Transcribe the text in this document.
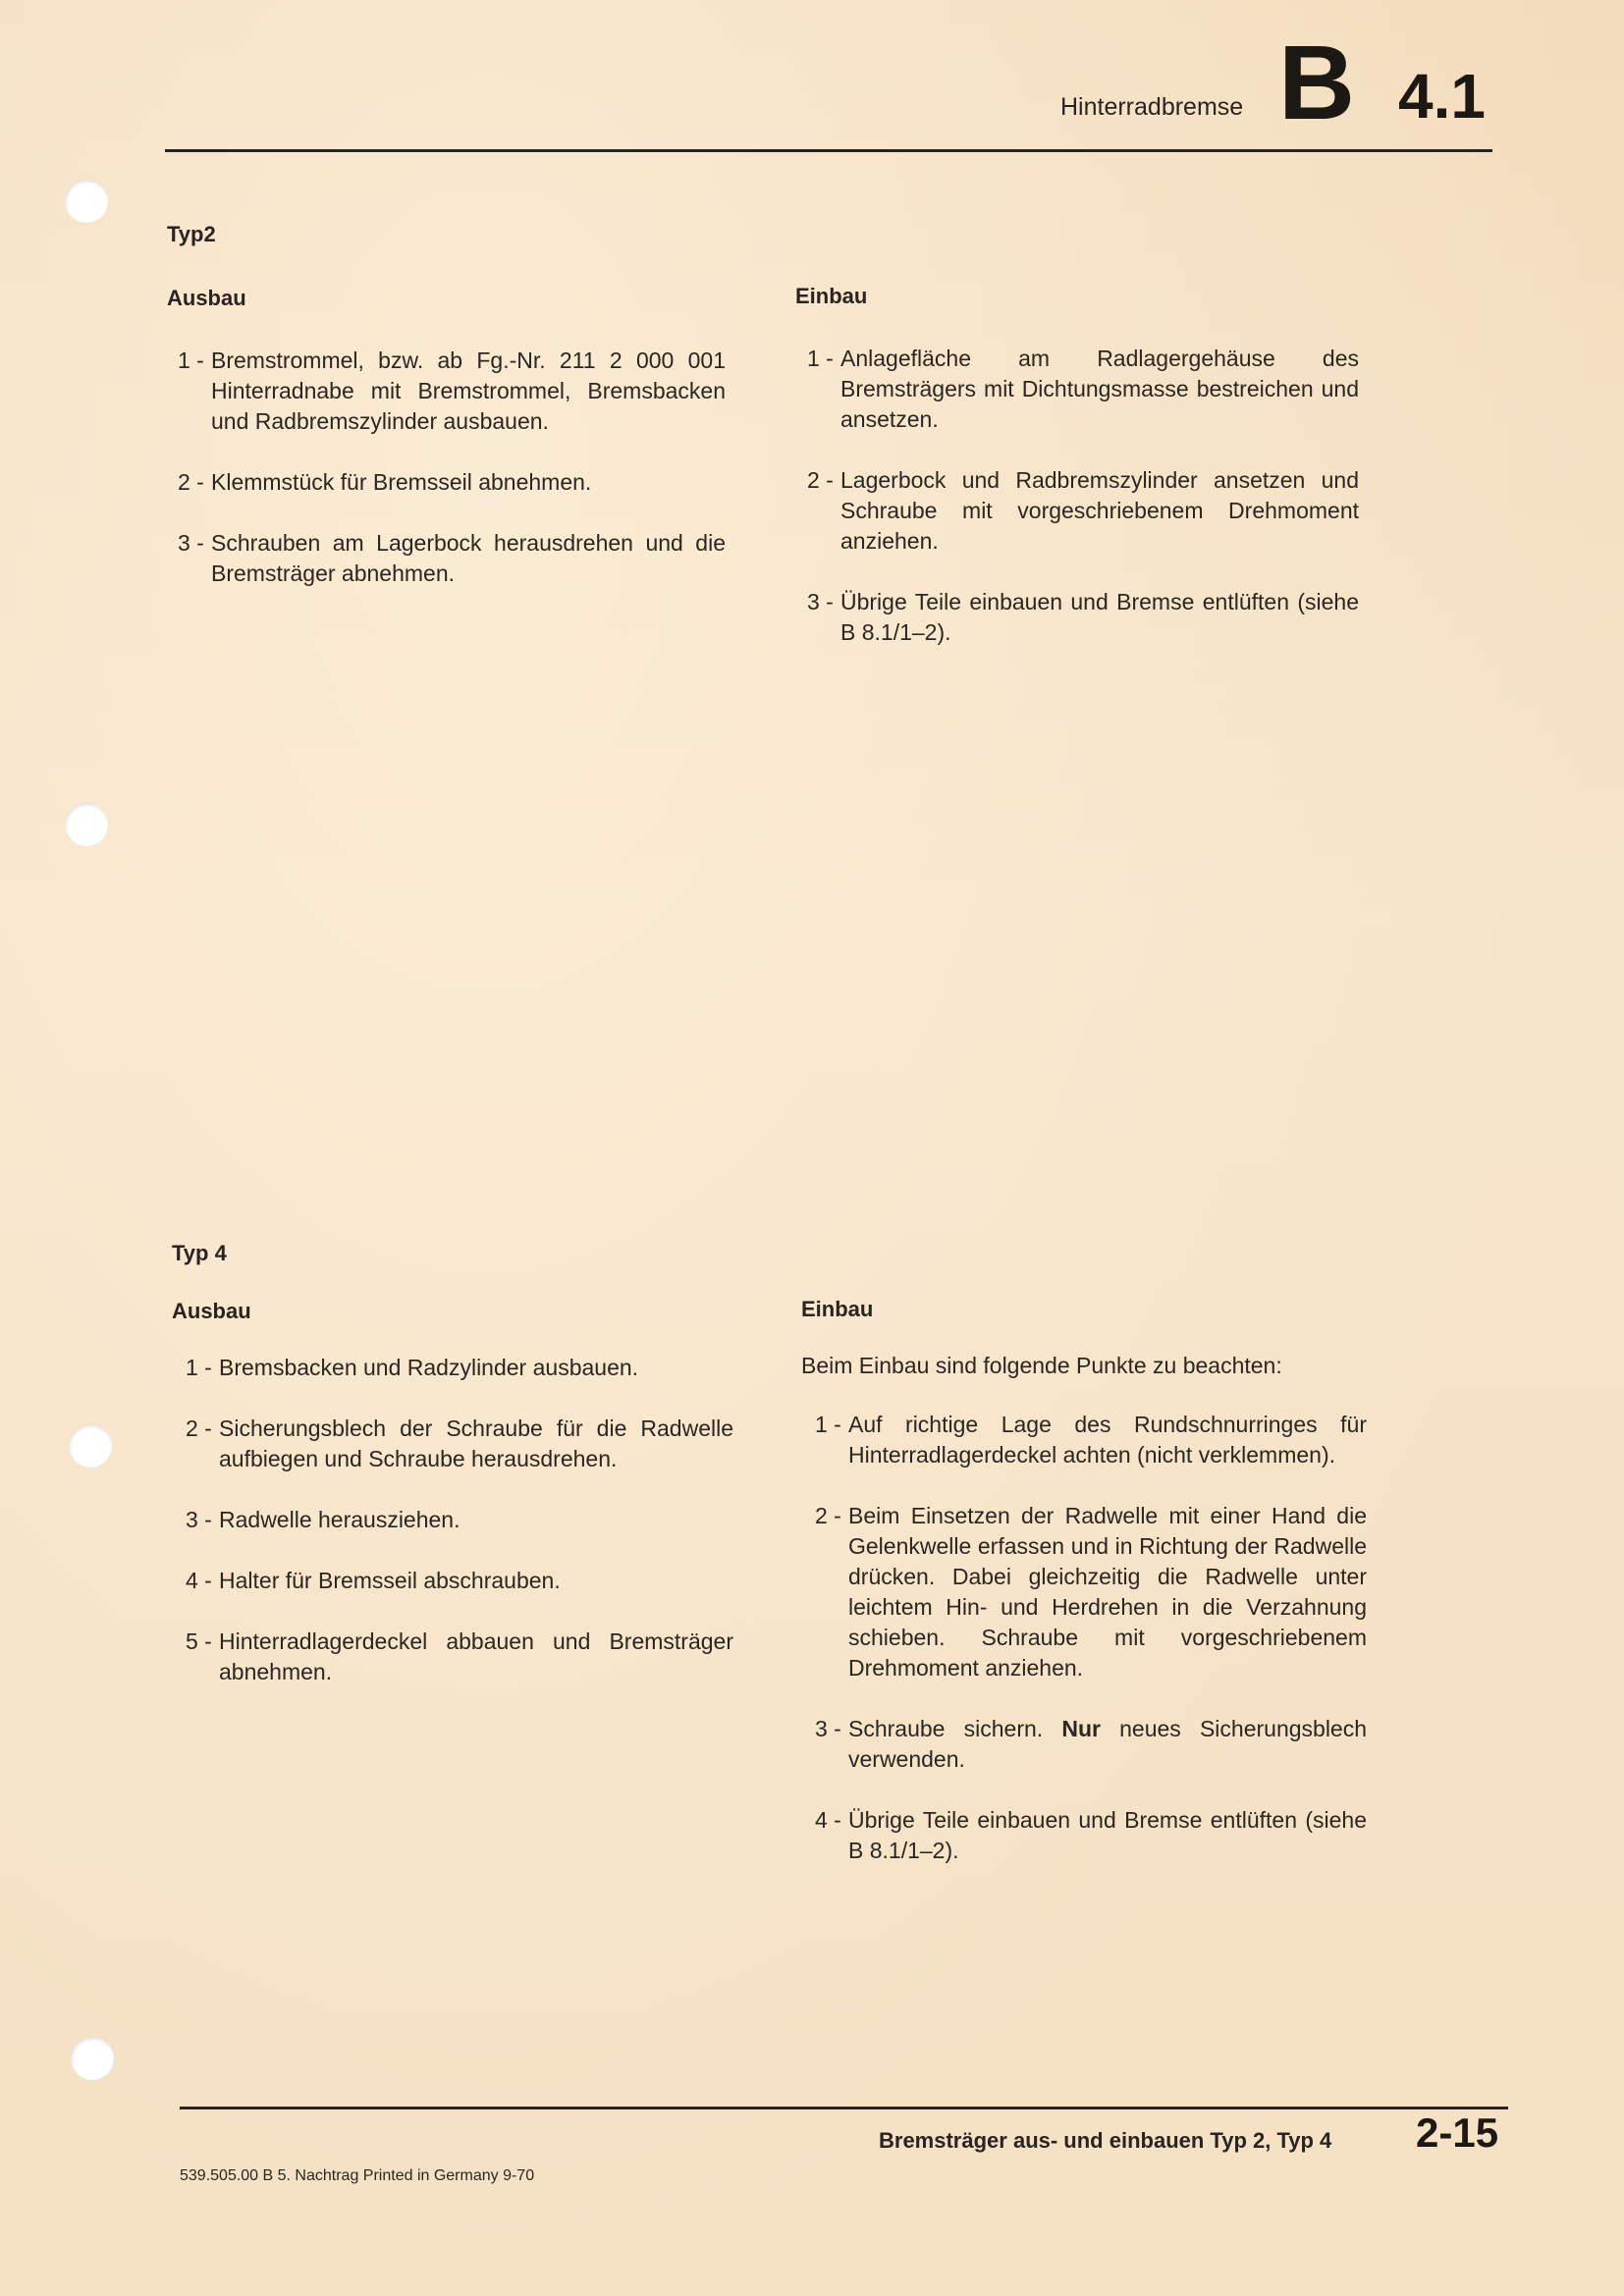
Hinterradbremse B 4.1
Typ2
Ausbau	Einbau

1 - Bremstrommel, bzw. ab Fg.-Nr. 211 2 000 001 Hinterradnabe mit Bremstrommel, Bremsbacken und Radbremszylinder ausbauen.

2 - Klemmstück für Bremsseil abnehmen.

3 - Schrauben am Lagerbock herausdrehen und die Bremsträger abnehmen.

1 - Anlagefläche am Radlagergehäuse des Bremsträgers mit Dichtungsmasse bestreichen und ansetzen.

2 - Lagerbock und Radbremszylinder ansetzen und Schraube mit vorgeschriebenem Drehmoment anziehen.

3 - Übrige Teile einbauen und Bremse entlüften (siehe B 8.1/1–2).

Typ 4
Ausbau	Einbau

1 - Bremsbacken und Radzylinder ausbauen.

2 - Sicherungsblech der Schraube für die Radwelle aufbiegen und Schraube herausdrehen.

3 - Radwelle herausziehen.

4 - Halter für Bremsseil abschrauben.

5 - Hinterradlagerdeckel abbauen und Bremsträger abnehmen.

Beim Einbau sind folgende Punkte zu beachten:

1 - Auf richtige Lage des Rundschnurringes für Hinterradlagerdeckel achten (nicht verklemmen).

2 - Beim Einsetzen der Radwelle mit einer Hand die Gelenkwelle erfassen und in Richtung der Radwelle drücken. Dabei gleichzeitig die Radwelle unter leichtem Hin- und Herdrehen in die Verzahnung schieben. Schraube mit vorgeschriebenem Drehmoment anziehen.

3 - Schraube sichern. Nur neues Sicherungsblech verwenden.

4 - Übrige Teile einbauen und Bremse entlüften (siehe B 8.1/1–2).

Bremsträger aus- und einbauen Typ 2, Typ 4 2-15
539.505.00 B 5. Nachtrag Printed in Germany 9-70
